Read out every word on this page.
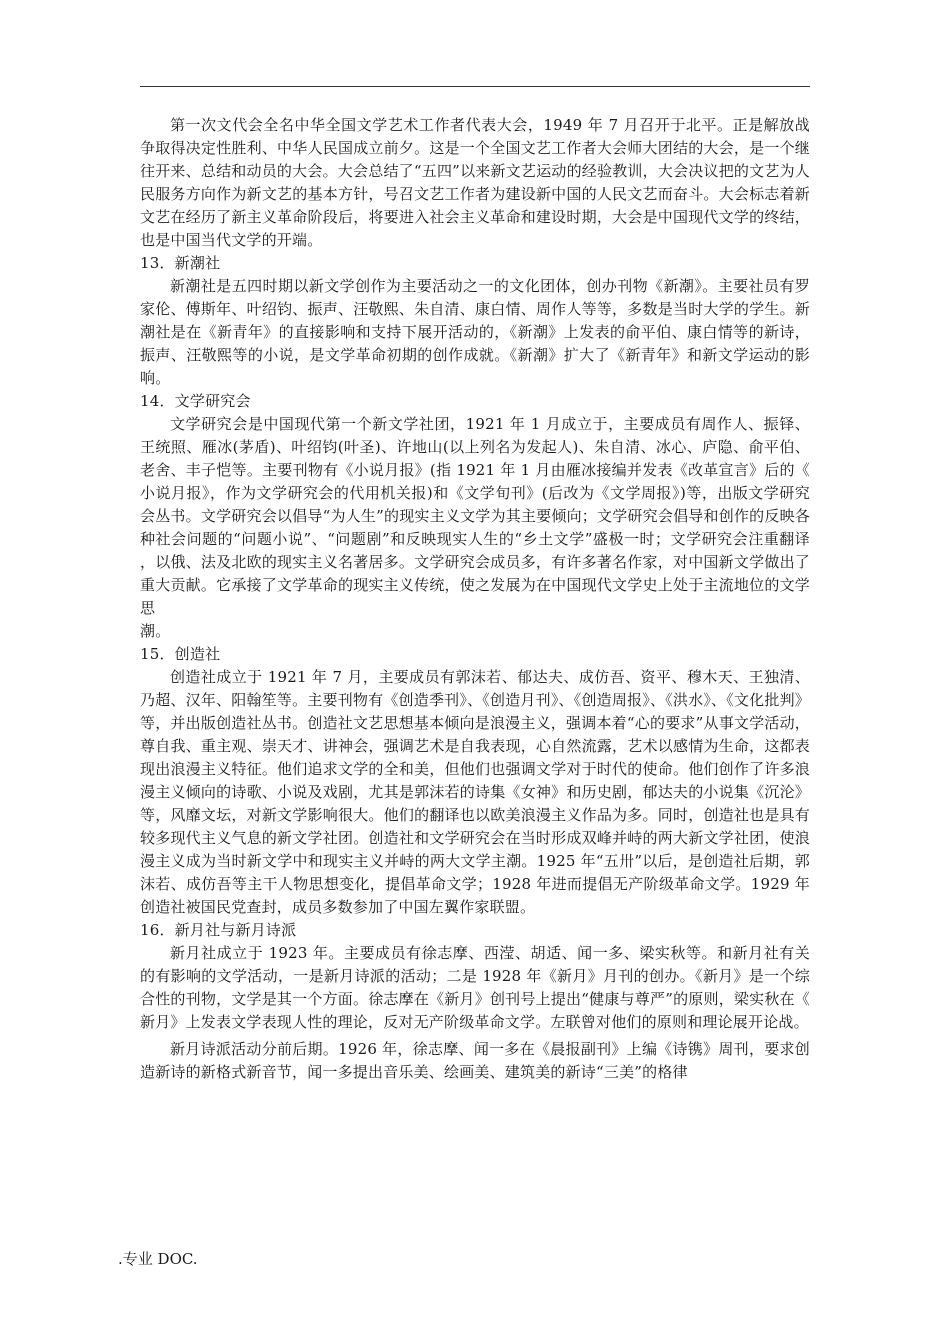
第一次文代会全名中华全国文学艺术工作者代表大会，1949 年 7 月召开于北平。正是解放战争取得决定性胜利、中华人民国成立前夕。这是一个全国文艺工作者大会师大团结的大会，是一个继往开来、总结和动员的大会。大会总结了“五四”以来新文艺运动的经验教训，大会决议把的文艺为人民服务方向作为新文艺的基本方针，号召文艺工作者为建设新中国的人民文艺而奋斗。大会标志着新文艺在经历了新主义革命阶段后，将要进入社会主义革命和建设时期，大会是中国现代文学的终结，也是中国当代文学的开端。

13．新潮社

新潮社是五四时期以新文学创作为主要活动之一的文化团体，创办刊物《新潮》。主要社员有罗家伦、傅斯年、叶绍钧、振声、汪敬熙、朱自清、康白情、周作人等等，多数是当时大学的学生。新潮社是在《新青年》的直接影响和支持下展开活动的，《新潮》上发表的俞平伯、康白情等的新诗，振声、汪敬熙等的小说，是文学革命初期的创作成就。《新潮》扩大了《新青年》和新文学运动的影响。

14．文学研究会

文学研究会是中国现代第一个新文学社团，1921 年 1 月成立于，主要成员有周作人、振铎、王统照、雁冰(茅盾)、叶绍钧(叶圣)、许地山(以上列名为发起人)、朱自清、冰心、庐隐、俞平伯、老舍、丰子恺等。主要刊物有《小说月报》(指 1921 年 1 月由雁冰接编并发表《改革宣言》后的《小说月报》，作为文学研究会的代用机关报)和《文学旬刊》(后改为《文学周报》)等，出版文学研究会丛书。文学研究会以倡导“为人生”的现实主义文学为其主要倾向；文学研究会倡导和创作的反映各种社会问题的“问题小说”、“问题剧”和反映现实人生的“乡土文学”盛极一时；文学研究会注重翻译，以俄、法及北欧的现实主义名著居多。文学研究会成员多，有许多著名作家，对中国新文学做出了重大贡献。它承接了文学革命的现实主义传统，使之发展为在中国现代文学史上处于主流地位的文学思

潮。

15．创造社

创造社成立于 1921 年 7 月，主要成员有郭沫若、郁达夫、成仿吾、资平、穆木天、王独清、乃超、汉年、阳翰笙等。主要刊物有《创造季刊》、《创造月刊》、《创造周报》、《洪水》、《文化批判》等，并出版创造社丛书。创造社文艺思想基本倾向是浪漫主义，强调本着“心的要求”从事文学活动，尊自我、重主观、崇天才、讲神会，强调艺术是自我表现，心自然流露，艺术以感情为生命，这都表现出浪漫主义特征。他们追求文学的全和美，但他们也强调文学对于时代的使命。他们创作了许多浪漫主义倾向的诗歌、小说及戏剧，尤其是郭沫若的诗集《女神》和历史剧，郁达夫的小说集《沉沦》等，风靡文坛，对新文学影响很大。他们的翻译也以欧美浪漫主义作品为多。同时，创造社也是具有较多现代主义气息的新文学社团。创造社和文学研究会在当时形成双峰并峙的两大新文学社团，使浪漫主义成为当时新文学中和现实主义并峙的两大文学主潮。1925 年“五卅”以后，是创造社后期，郭沫若、成仿吾等主干人物思想变化，提倡革命文学；1928 年进而提倡无产阶级革命文学。1929 年创造社被国民党查封，成员多数参加了中国左翼作家联盟。

16．新月社与新月诗派

新月社成立于 1923 年。主要成员有徐志摩、西滢、胡适、闻一多、梁实秋等。和新月社有关的有影响的文学活动，一是新月诗派的活动；二是 1928 年《新月》月刊的创办。《新月》是一个综合性的刊物，文学是其一个方面。徐志摩在《新月》创刊号上提出“健康与尊严”的原则，梁实秋在《新月》上发表文学表现人性的理论，反对无产阶级革命文学。左联曾对他们的原则和理论展开论战。

新月诗派活动分前后期。1926 年，徐志摩、闻一多在《晨报副刊》上编《诗镌》周刊，要求创造新诗的新格式新音节，闻一多提出音乐美、绘画美、建筑美的新诗“三美”的格律

.专业 DOC.
